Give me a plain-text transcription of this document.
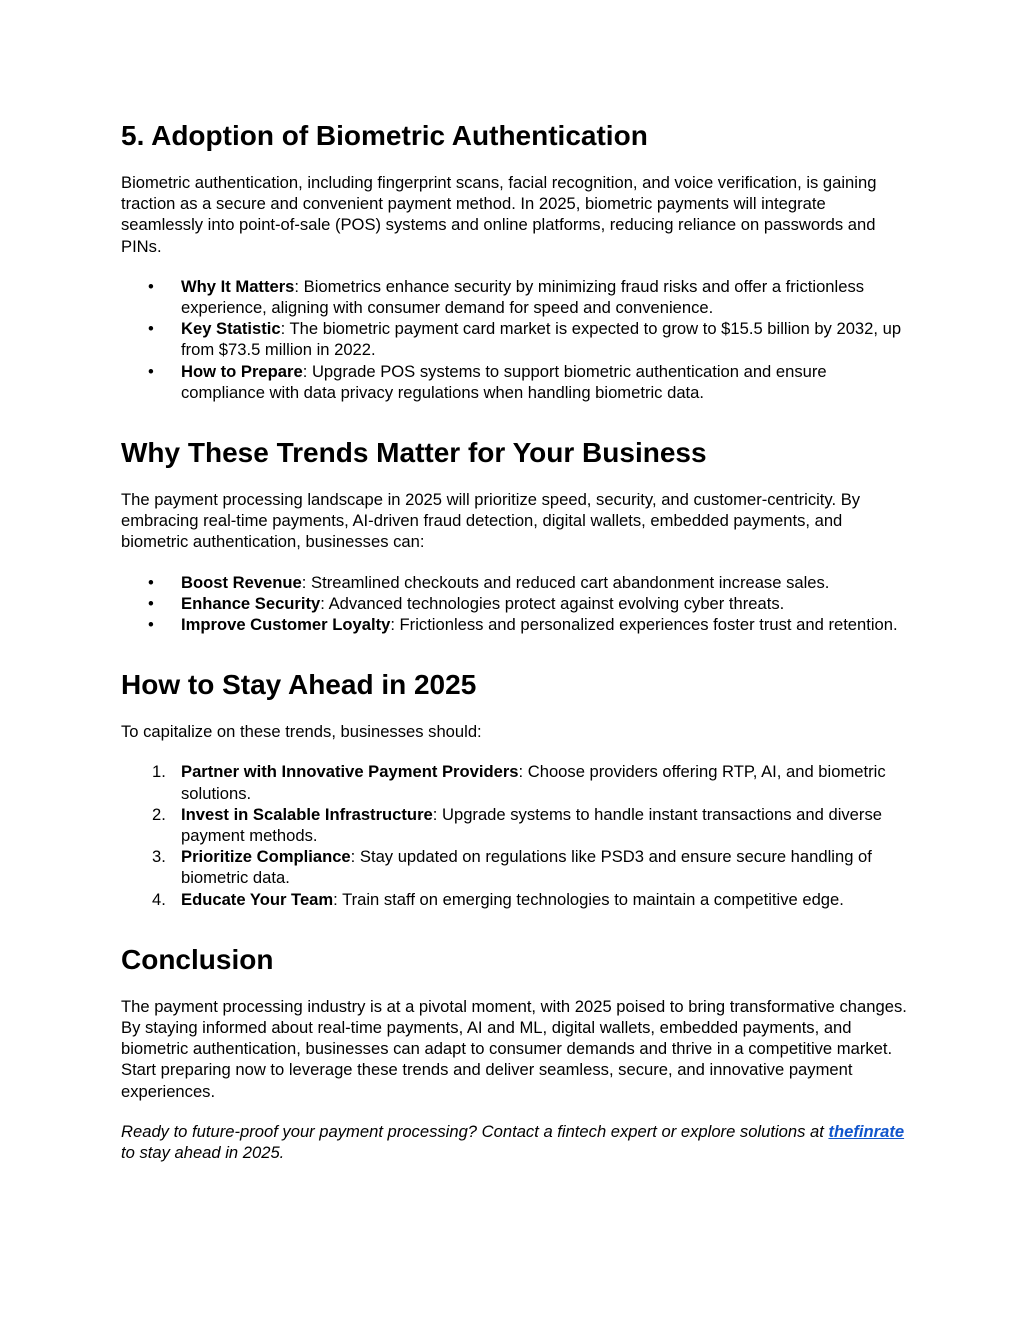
5. Adoption of Biometric Authentication

Biometric authentication, including fingerprint scans, facial recognition, and voice verification, is gaining traction as a secure and convenient payment method. In 2025, biometric payments will integrate seamlessly into point-of-sale (POS) systems and online platforms, reducing reliance on passwords and PINs.

•	Why It Matters: Biometrics enhance security by minimizing fraud risks and offer a frictionless experience, aligning with consumer demand for speed and convenience.
•	Key Statistic: The biometric payment card market is expected to grow to $15.5 billion by 2032, up from $73.5 million in 2022.
•	How to Prepare: Upgrade POS systems to support biometric authentication and ensure compliance with data privacy regulations when handling biometric data.
Why These Trends Matter for Your Business

The payment processing landscape in 2025 will prioritize speed, security, and customer-centricity. By embracing real-time payments, AI-driven fraud detection, digital wallets, embedded payments, and biometric authentication, businesses can:

•	Boost Revenue: Streamlined checkouts and reduced cart abandonment increase sales.
•	Enhance Security: Advanced technologies protect against evolving cyber threats.
•	Improve Customer Loyalty: Frictionless and personalized experiences foster trust and retention.
How to Stay Ahead in 2025

To capitalize on these trends, businesses should:

1. Partner with Innovative Payment Providers: Choose providers offering RTP, AI, and biometric solutions.
2. Invest in Scalable Infrastructure: Upgrade systems to handle instant transactions and diverse payment methods.
3. Prioritize Compliance: Stay updated on regulations like PSD3 and ensure secure handling of biometric data.
4. Educate Your Team: Train staff on emerging technologies to maintain a competitive edge.
Conclusion

The payment processing industry is at a pivotal moment, with 2025 poised to bring transformative changes. By staying informed about real-time payments, AI and ML, digital wallets, embedded payments, and biometric authentication, businesses can adapt to consumer demands and thrive in a competitive market. Start preparing now to leverage these trends and deliver seamless, secure, and innovative payment experiences.

Ready to future-proof your payment processing? Contact a fintech expert or explore solutions at thefinrate to stay ahead in 2025.
